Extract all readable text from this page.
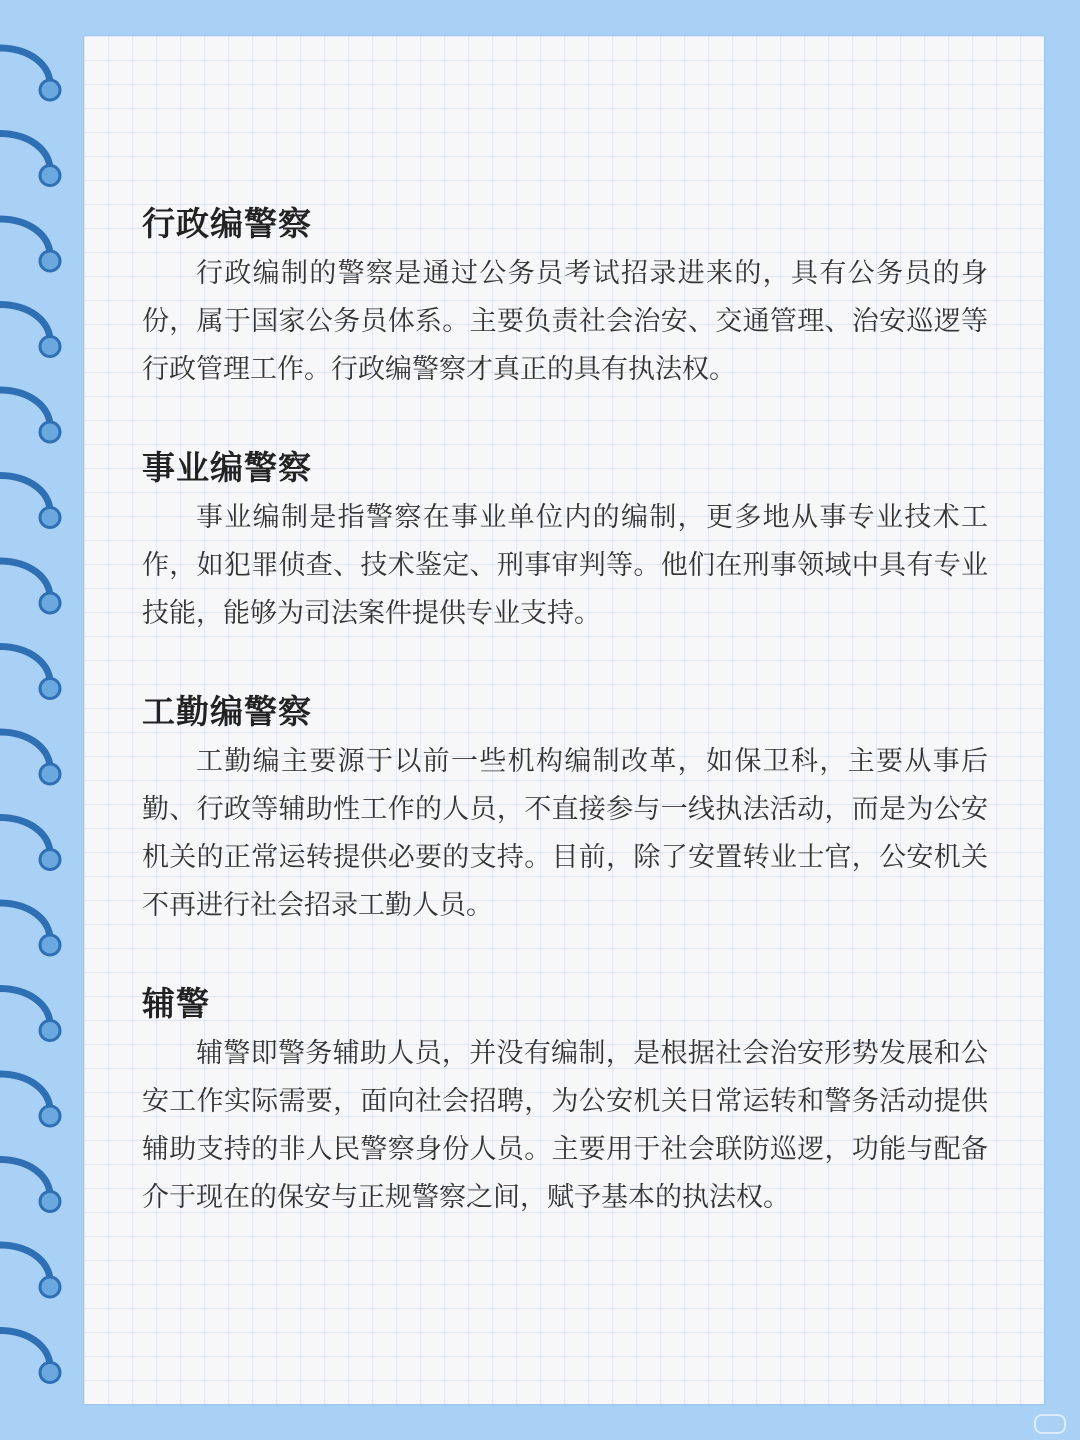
行政编警察

行政编制的警察是通过公务员考试招录进来的，具有公务员的身份，属于国家公务员体系。主要负责社会治安、交通管理、治安巡逻等行政管理工作。行政编警察才真正的具有执法权。

事业编警察

事业编制是指警察在事业单位内的编制，更多地从事专业技术工作，如犯罪侦查、技术鉴定、刑事审判等。他们在刑事领域中具有专业技能，能够为司法案件提供专业支持。

工勤编警察

工勤编主要源于以前一些机构编制改革，如保卫科，主要从事后勤、行政等辅助性工作的人员，不直接参与一线执法活动，而是为公安机关的正常运转提供必要的支持。目前，除了安置转业士官，公安机关不再进行社会招录工勤人员。

辅警

辅警即警务辅助人员，并没有编制，是根据社会治安形势发展和公安工作实际需要，面向社会招聘，为公安机关日常运转和警务活动提供辅助支持的非人民警察身份人员。主要用于社会联防巡逻，功能与配备介于现在的保安与正规警察之间，赋予基本的执法权。
